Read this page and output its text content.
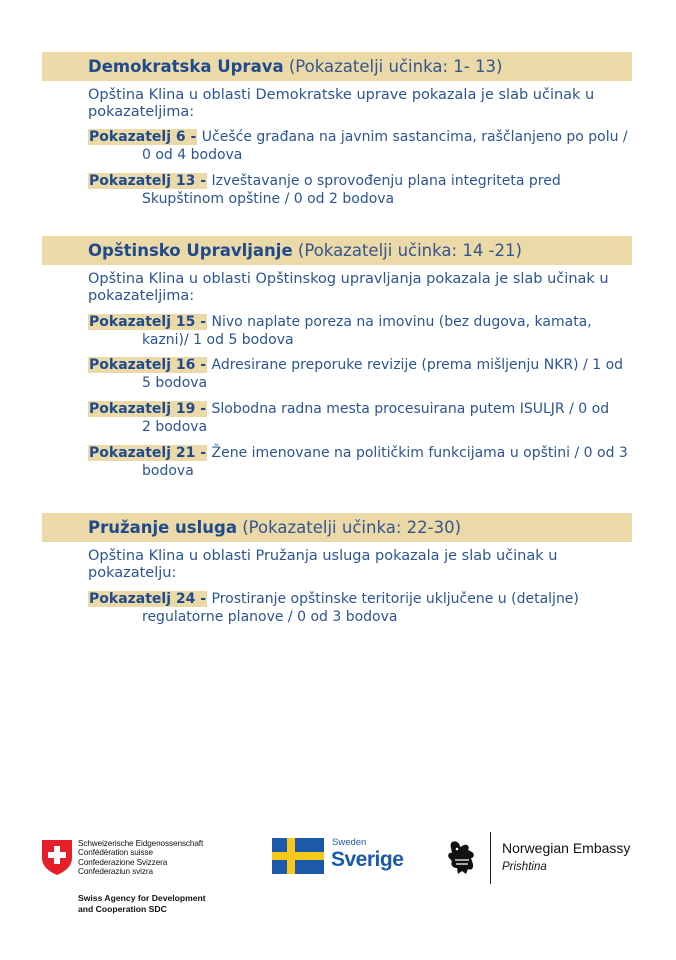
Demokratska Uprava (Pokazatelji učinka: 1- 13)
Opština Klina u oblasti Demokratske uprave pokazala je slab učinak u pokazateljima:
Pokazatelj 6 - Učešće građana na javnim sastancima, raščlanjeno po polu /
0 od 4 bodova
Pokazatelj 13 - Izveštavanje o sprovođenju plana integriteta pred
Skupštinom opštine / 0 od 2 bodova
Opštinsko Upravljanje (Pokazatelji učinka: 14 -21)
Opština Klina u oblasti Opštinskog upravljanja pokazala je slab učinak u pokazateljima:
Pokazatelj 15 - Nivo naplate poreza na imovinu (bez dugova, kamata,
kazni)/ 1 od 5 bodova
Pokazatelj 16 - Adresirane preporuke revizije (prema mišljenju NKR) / 1 od
5 bodova
Pokazatelj 19 - Slobodna radna mesta procesuirana putem ISULJR / 0 od
2 bodova
Pokazatelj 21 - Žene imenovane na političkim funkcijama u opštini / 0 od 3
bodova
Pružanje usluga (Pokazatelji učinka: 22-30)
Opština Klina u oblasti Pružanja usluga pokazala je slab učinak u pokazatelju:
Pokazatelj 24 - Prostiranje opštinske teritorije uključene u (detaljne)
regulatorne planove / 0 od 3 bodova
Schweizerische Eidgenossenschaft
Confédération suisse
Confederazione Svizzera
Confederaziun svizra
Swiss Agency for Development
and Cooperation SDC
Sweden
Sverige	Norwegian Embassy
Prishtina
